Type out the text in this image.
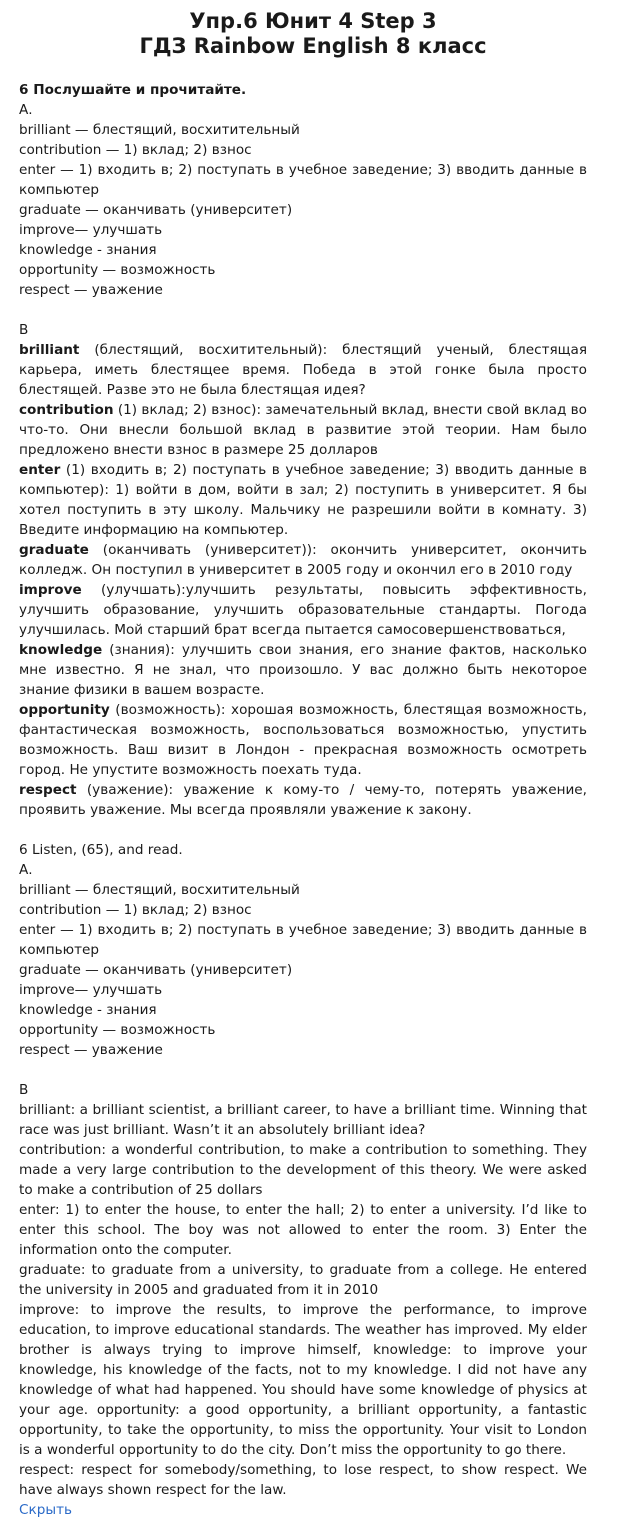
Упр.6 Юнит 4 Step 3
ГДЗ Rainbow English 8 класс

6 Послушайте и прочитайте.

А.

brilliant — блестящий, восхитительный

contribution — 1) вклад; 2) взнос

enter — 1) входить в; 2) поступать в учебное заведение; 3) вводить данные в компьютер

graduate — оканчивать (университет)

improve— улучшать

knowledge - знания

opportunity — возможность

respect — уважение

В

brilliant (блестящий, восхитительный): блестящий ученый, блестящая карьера, иметь блестящее время. Победа в этой гонке была просто блестящей. Разве это не была блестящая идея?

contribution (1) вклад; 2) взнос): замечательный вклад, внести свой вклад во что-то. Они внесли большой вклад в развитие этой теории. Нам было предложено внести взнос в размере 25 долларов

enter (1) входить в; 2) поступать в учебное заведение; 3) вводить данные в компьютер): 1) войти в дом, войти в зал; 2) поступить в университет. Я бы хотел поступить в эту школу. Мальчику не разрешили войти в комнату. 3) Введите информацию на компьютер.

graduate (оканчивать (университет)): окончить университет, окончить колледж. Он поступил в университет в 2005 году и окончил его в 2010 году

improve (улучшать):улучшить результаты, повысить эффективность, улучшить образование, улучшить образовательные стандарты. Погода улучшилась. Мой старший брат всегда пытается самосовершенствоваться,

knowledge (знания): улучшить свои знания, его знание фактов, насколько мне известно. Я не знал, что произошло. У вас должно быть некоторое знание физики в вашем возрасте.

opportunity (возможность): хорошая возможность, блестящая возможность, фантастическая возможность, воспользоваться возможностью, упустить возможность. Ваш визит в Лондон - прекрасная возможность осмотреть город. Не упустите возможность поехать туда.

respect (уважение): уважение к кому-то / чему-то, потерять уважение, проявить уважение. Мы всегда проявляли уважение к закону.

6 Listen, (65), and read.

А.

brilliant — блестящий, восхитительный

contribution — 1) вклад; 2) взнос

enter — 1) входить в; 2) поступать в учебное заведение; 3) вводить данные в компьютер

graduate — оканчивать (университет)

improve— улучшать

knowledge - знания

opportunity — возможность

respect — уважение

В

brilliant: a brilliant scientist, a brilliant career, to have a brilliant time. Winning that race was just brilliant. Wasn’t it an absolutely brilliant idea?

contribution: a wonderful contribution, to make a contribution to something. They made a very large contribution to the development of this theory. We were asked to make a contribution of 25 dollars

enter: 1) to enter the house, to enter the hall; 2) to enter a university. I’d like to enter this school. The boy was not allowed to enter the room. 3) Enter the information onto the computer.

graduate: to graduate from a university, to graduate from a college. He entered the university in 2005 and graduated from it in 2010

improve: to improve the results, to improve the performance, to improve education, to improve educational standards. The weather has improved. My elder brother is always trying to improve himself, knowledge: to improve your knowledge, his knowledge of the facts, not to my knowledge. I did not have any knowledge of what had happened. You should have some knowledge of physics at your age. opportunity: a good opportunity, a brilliant opportunity, a fantastic opportunity, to take the opportunity, to miss the opportunity. Your visit to London is a wonderful opportunity to do the city. Don’t miss the opportunity to go there.

respect: respect for somebody/something, to lose respect, to show respect. We have always shown respect for the law.

Скрыть
